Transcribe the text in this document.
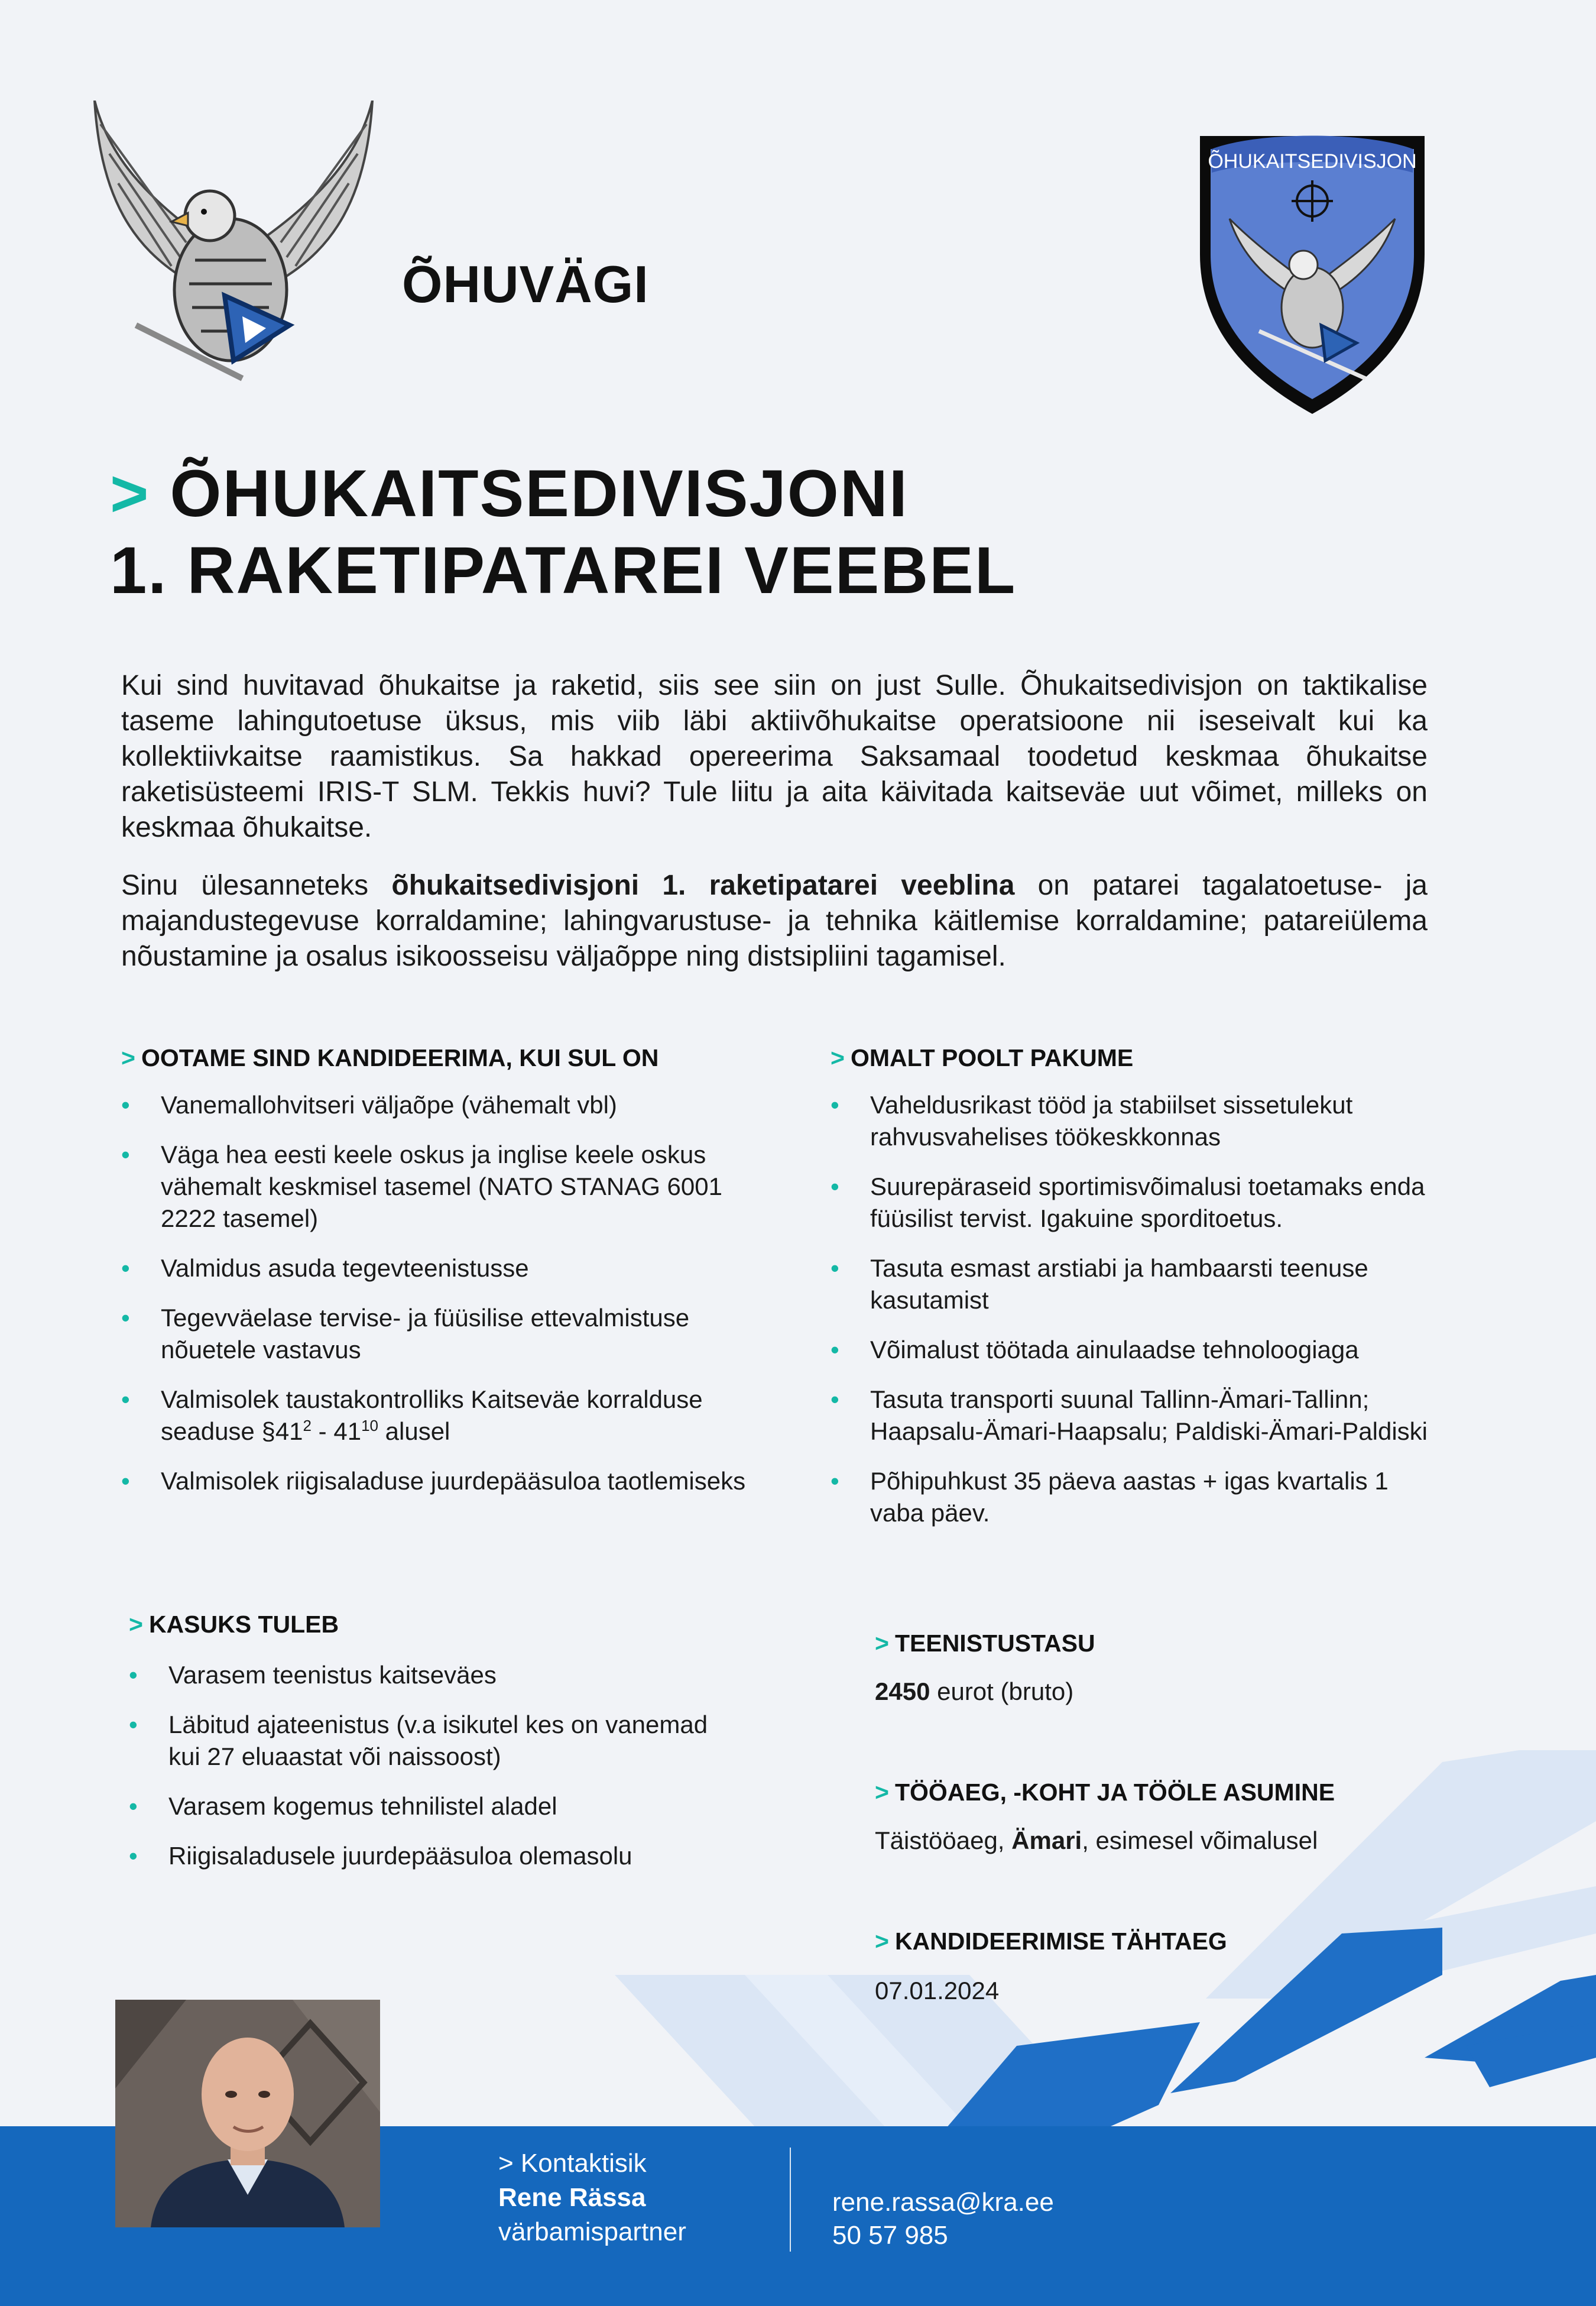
ÕHUVÄGI
ÕHUKAITSEDIVISJON
> ÕHUKAITSEDIVISJONI
1. RAKETIPATAREI VEEBEL
Kui sind huvitavad õhukaitse ja raketid, siis see siin on just Sulle. Õhukaitsedivisjon on taktikalise taseme lahingutoetuse üksus, mis viib läbi aktiivõhukaitse operatsioone nii iseseivalt kui ka kollektiivkaitse raamistikus. Sa hakkad opereerima Saksamaal toodetud keskmaa õhukaitse raketisüsteemi IRIS-T SLM. Tekkis huvi? Tule liitu ja aita käivitada kaitseväe uut võimet, milleks on keskmaa õhukaitse.
Sinu ülesanneteks õhukaitsedivisjoni 1. raketipatarei veeblina on patarei tagalatoetuse- ja majandustegevuse korraldamine; lahingvarustuse- ja tehnika käitlemise korraldamine; patareiülema nõustamine ja osalus isikoosseisu väljaõppe ning distsipliini tagamisel.
> OOTAME SIND KANDIDEERIMA, KUI SUL ON
• Vanemallohvitseri väljaõpe (vähemalt vbl)
• Väga hea eesti keele oskus ja inglise keele oskus vähemalt keskmisel tasemel (NATO STANAG 6001 2222 tasemel)
• Valmidus asuda tegevteenistusse
• Tegevväelase tervise- ja füüsilise ettevalmistuse nõuetele vastavus
• Valmisolek taustakontrolliks Kaitseväe korralduse seaduse $\S 41^2 - 41^{10}$ alusel
• Valmisolek riigisaladuse juurdepääsuloa taotlemiseks
> OMALT POOLT PAKUME
• Vaheldusrikast tööd ja stabiilset sissetulekut rahvusvahelises töökeskkonnas
• Suurepäraseid sportimisvõimalusi toetamaks enda füüsilist tervist. Igakuine sporditoetus.
• Tasuta esmast arstiabi ja hambaarsti teenuse kasutamist
• Võimalust töötada ainulaadse tehnoloogiaga
• Tasuta transporti suunal Tallinn-Ämari-Tallinn; Haapsalu-Ämari-Haapsalu; Paldiski-Ämari-Paldiski
• Põhipuhkust 35 päeva aastas + igas kvartalis 1 vaba päev.
> KASUKS TULEB
• Varasem teenistus kaitseväes
• Läbitud ajateenistus (v.a isikutel kes on vanemad kui 27 eluaastat või naissoost)
• Varasem kogemus tehnilistel aladel
• Riigisaladusele juurdepääsuloa olemasolu
> TEENISTUSTASU
2450 eurot (bruto)
> TÖÖAEG, -KOHT JA TÖÖLE ASUMINE
Täistööaeg, Ämari, esimesel võimalusel
> KANDIDEERIMISE TÄHTAEG
07.01.2024
> Kontaktisik
Rene Rässa
värbamispartner
rene.rassa@kra.ee
50 57 985
